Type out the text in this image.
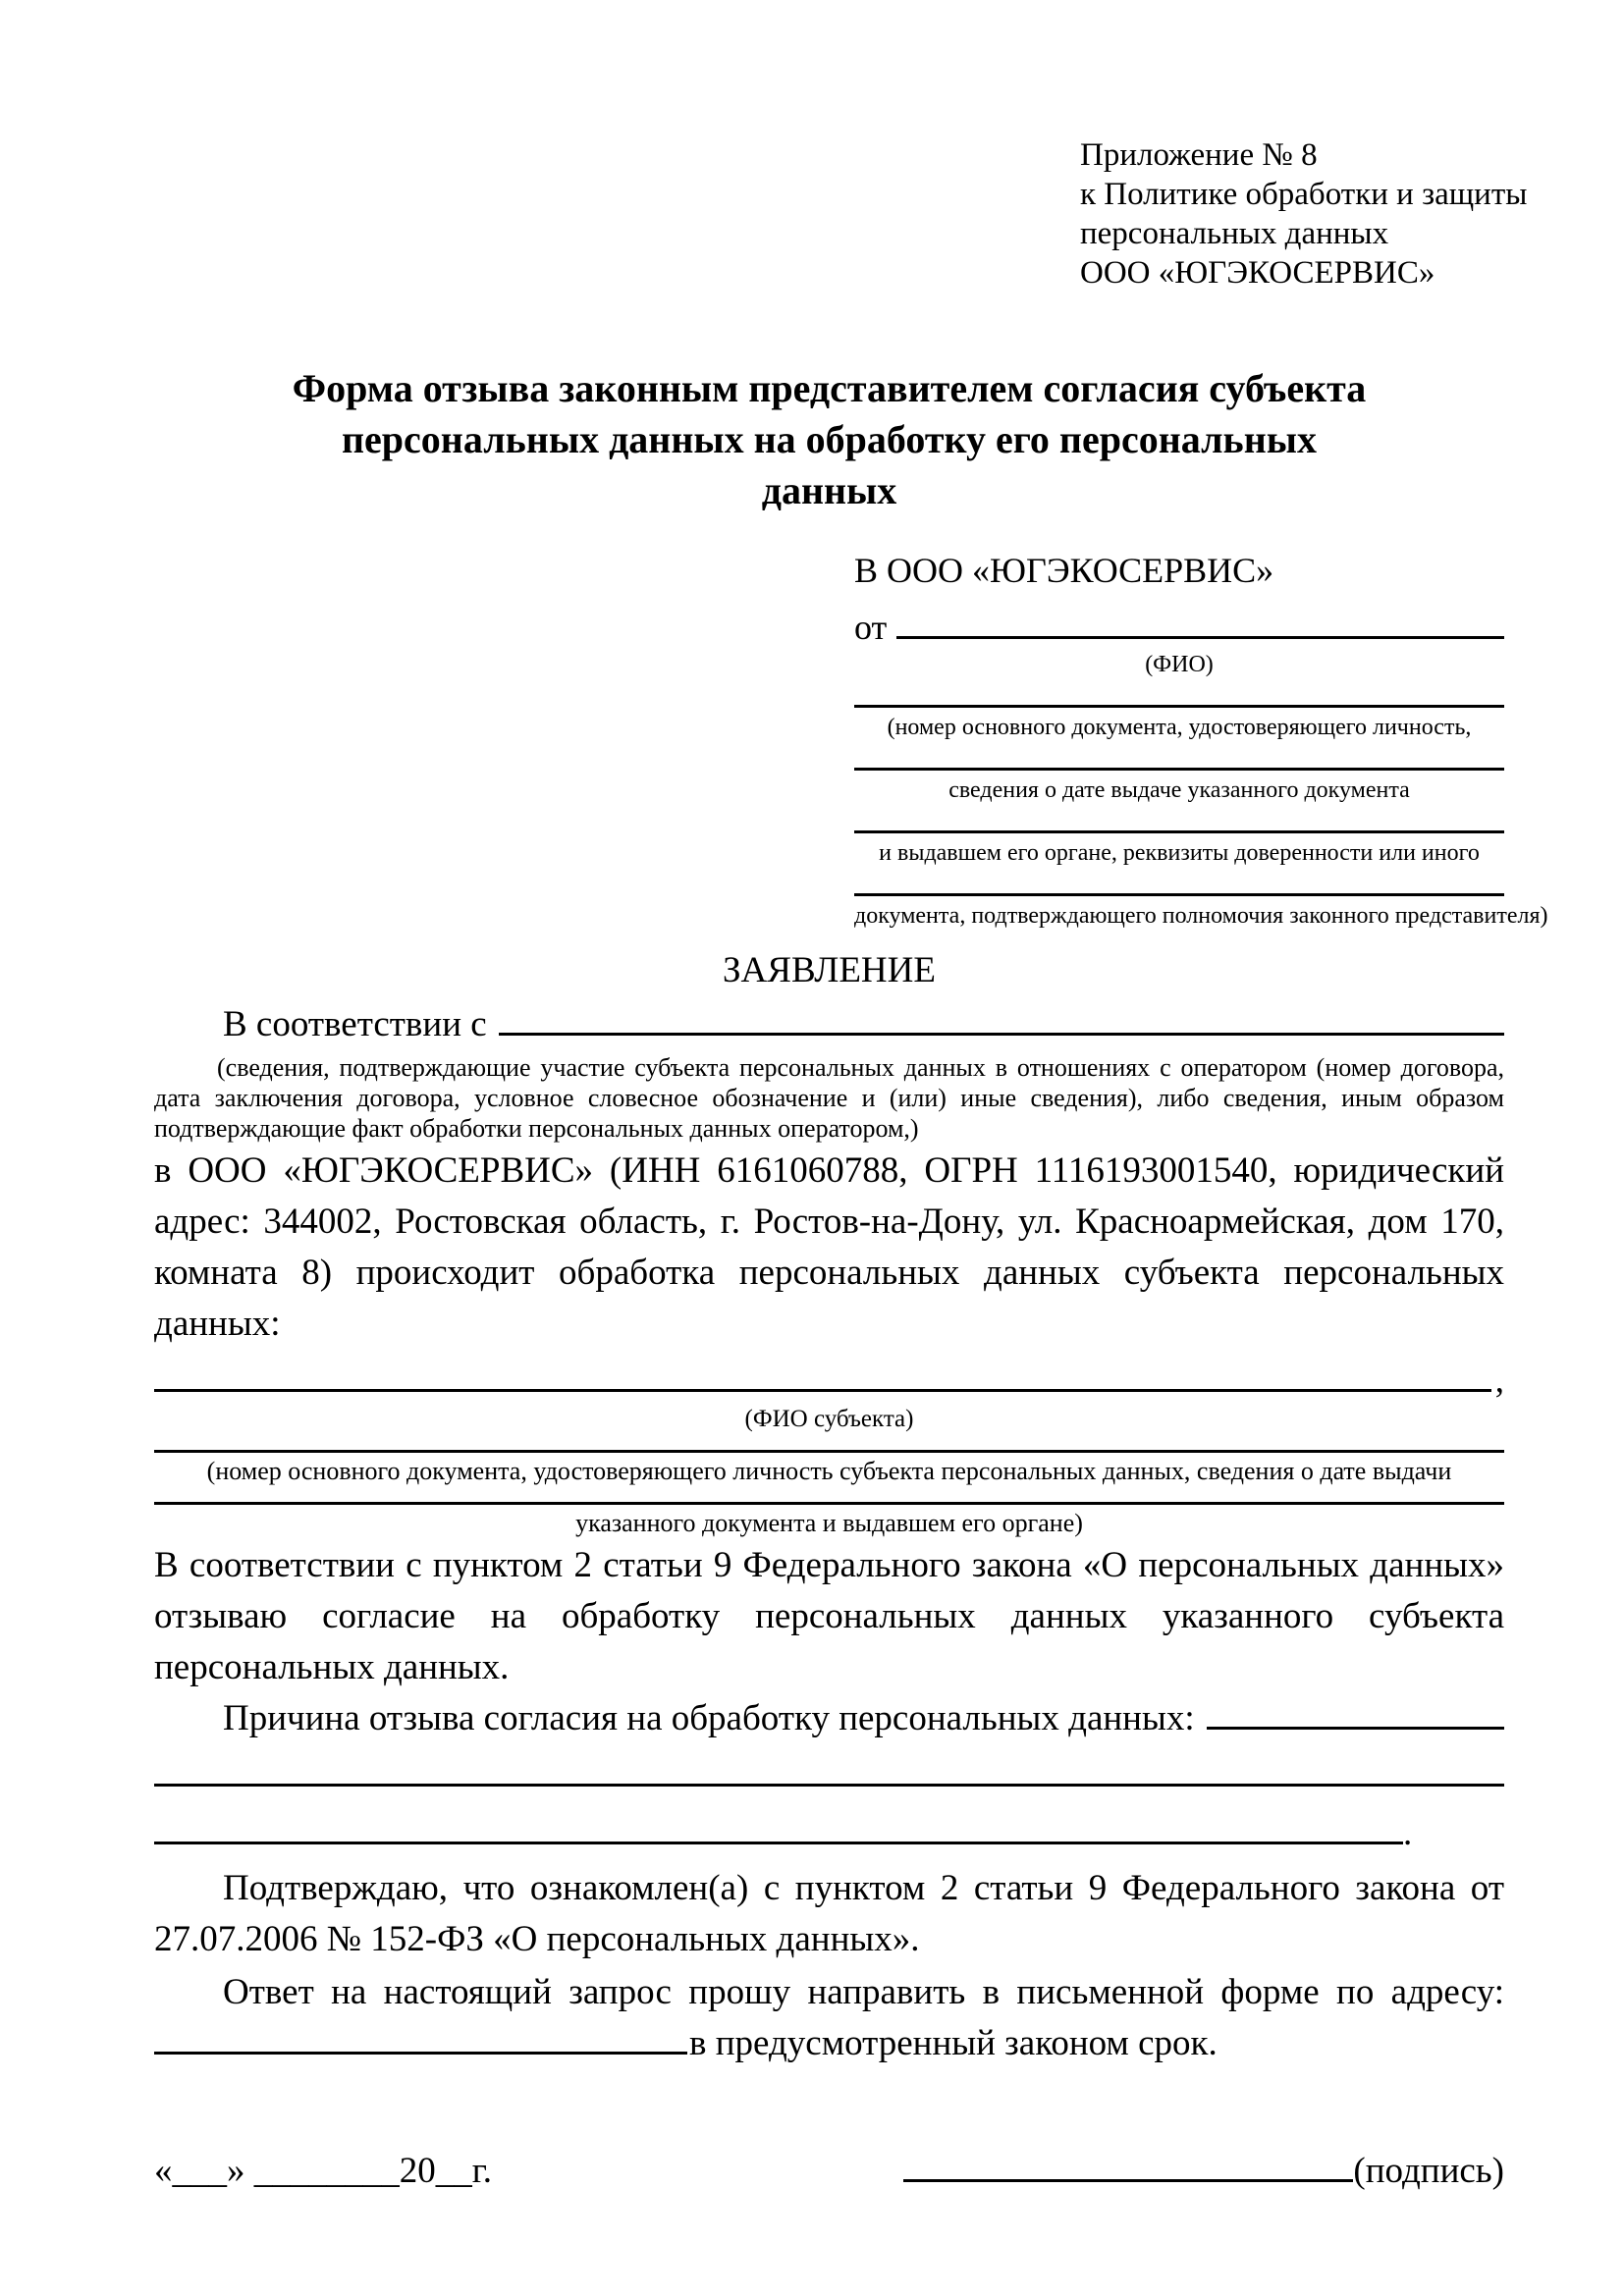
Приложение № 8
к Политике обработки и защиты
персональных данных
ООО «ЮГЭКОСЕРВИС»
Форма отзыва законным представителем согласия субъекта персональных данных на обработку его персональных данных
В ООО «ЮГЭКОСЕРВИС»
от
(ФИО)
(номер основного документа, удостоверяющего личность,
сведения о дате выдаче указанного документа
и выдавшем его органе, реквизиты доверенности или иного
документа, подтверждающего полномочия законного представителя)
ЗАЯВЛЕНИЕ
В соответствии с

(сведения, подтверждающие участие субъекта персональных данных в отношениях с оператором (номер договора, дата заключения договора, условное словесное обозначение и (или) иные сведения), либо сведения, иным образом подтверждающие факт обработки персональных данных оператором,)

в ООО «ЮГЭКОСЕРВИС» (ИНН 6161060788, ОГРН 1116193001540, юридический адрес: 344002, Ростовская область, г. Ростов-на-Дону, ул. Красноармейская, дом 170, комната 8) происходит обработка персональных данных субъекта персональных данных:

,
(ФИО субъекта)
(номер основного документа, удостоверяющего личность субъекта персональных данных, сведения о дате выдачи
указанного документа и выдавшем его органе)

В соответствии с пунктом 2 статьи 9 Федерального закона «О персональных данных» отзываю согласие на обработку персональных данных указанного субъекта персональных данных.

Причина отзыва согласия на обработку персональных данных:
.

Подтверждаю, что ознакомлен(а) с пунктом 2 статьи 9 Федерального закона от 27.07.2006 № 152-ФЗ «О персональных данных».

Ответ на настоящий запрос прошу направить в письменной форме по адресу:

в предусмотренный законом срок.
«___» ________20__г.	(подпись)
